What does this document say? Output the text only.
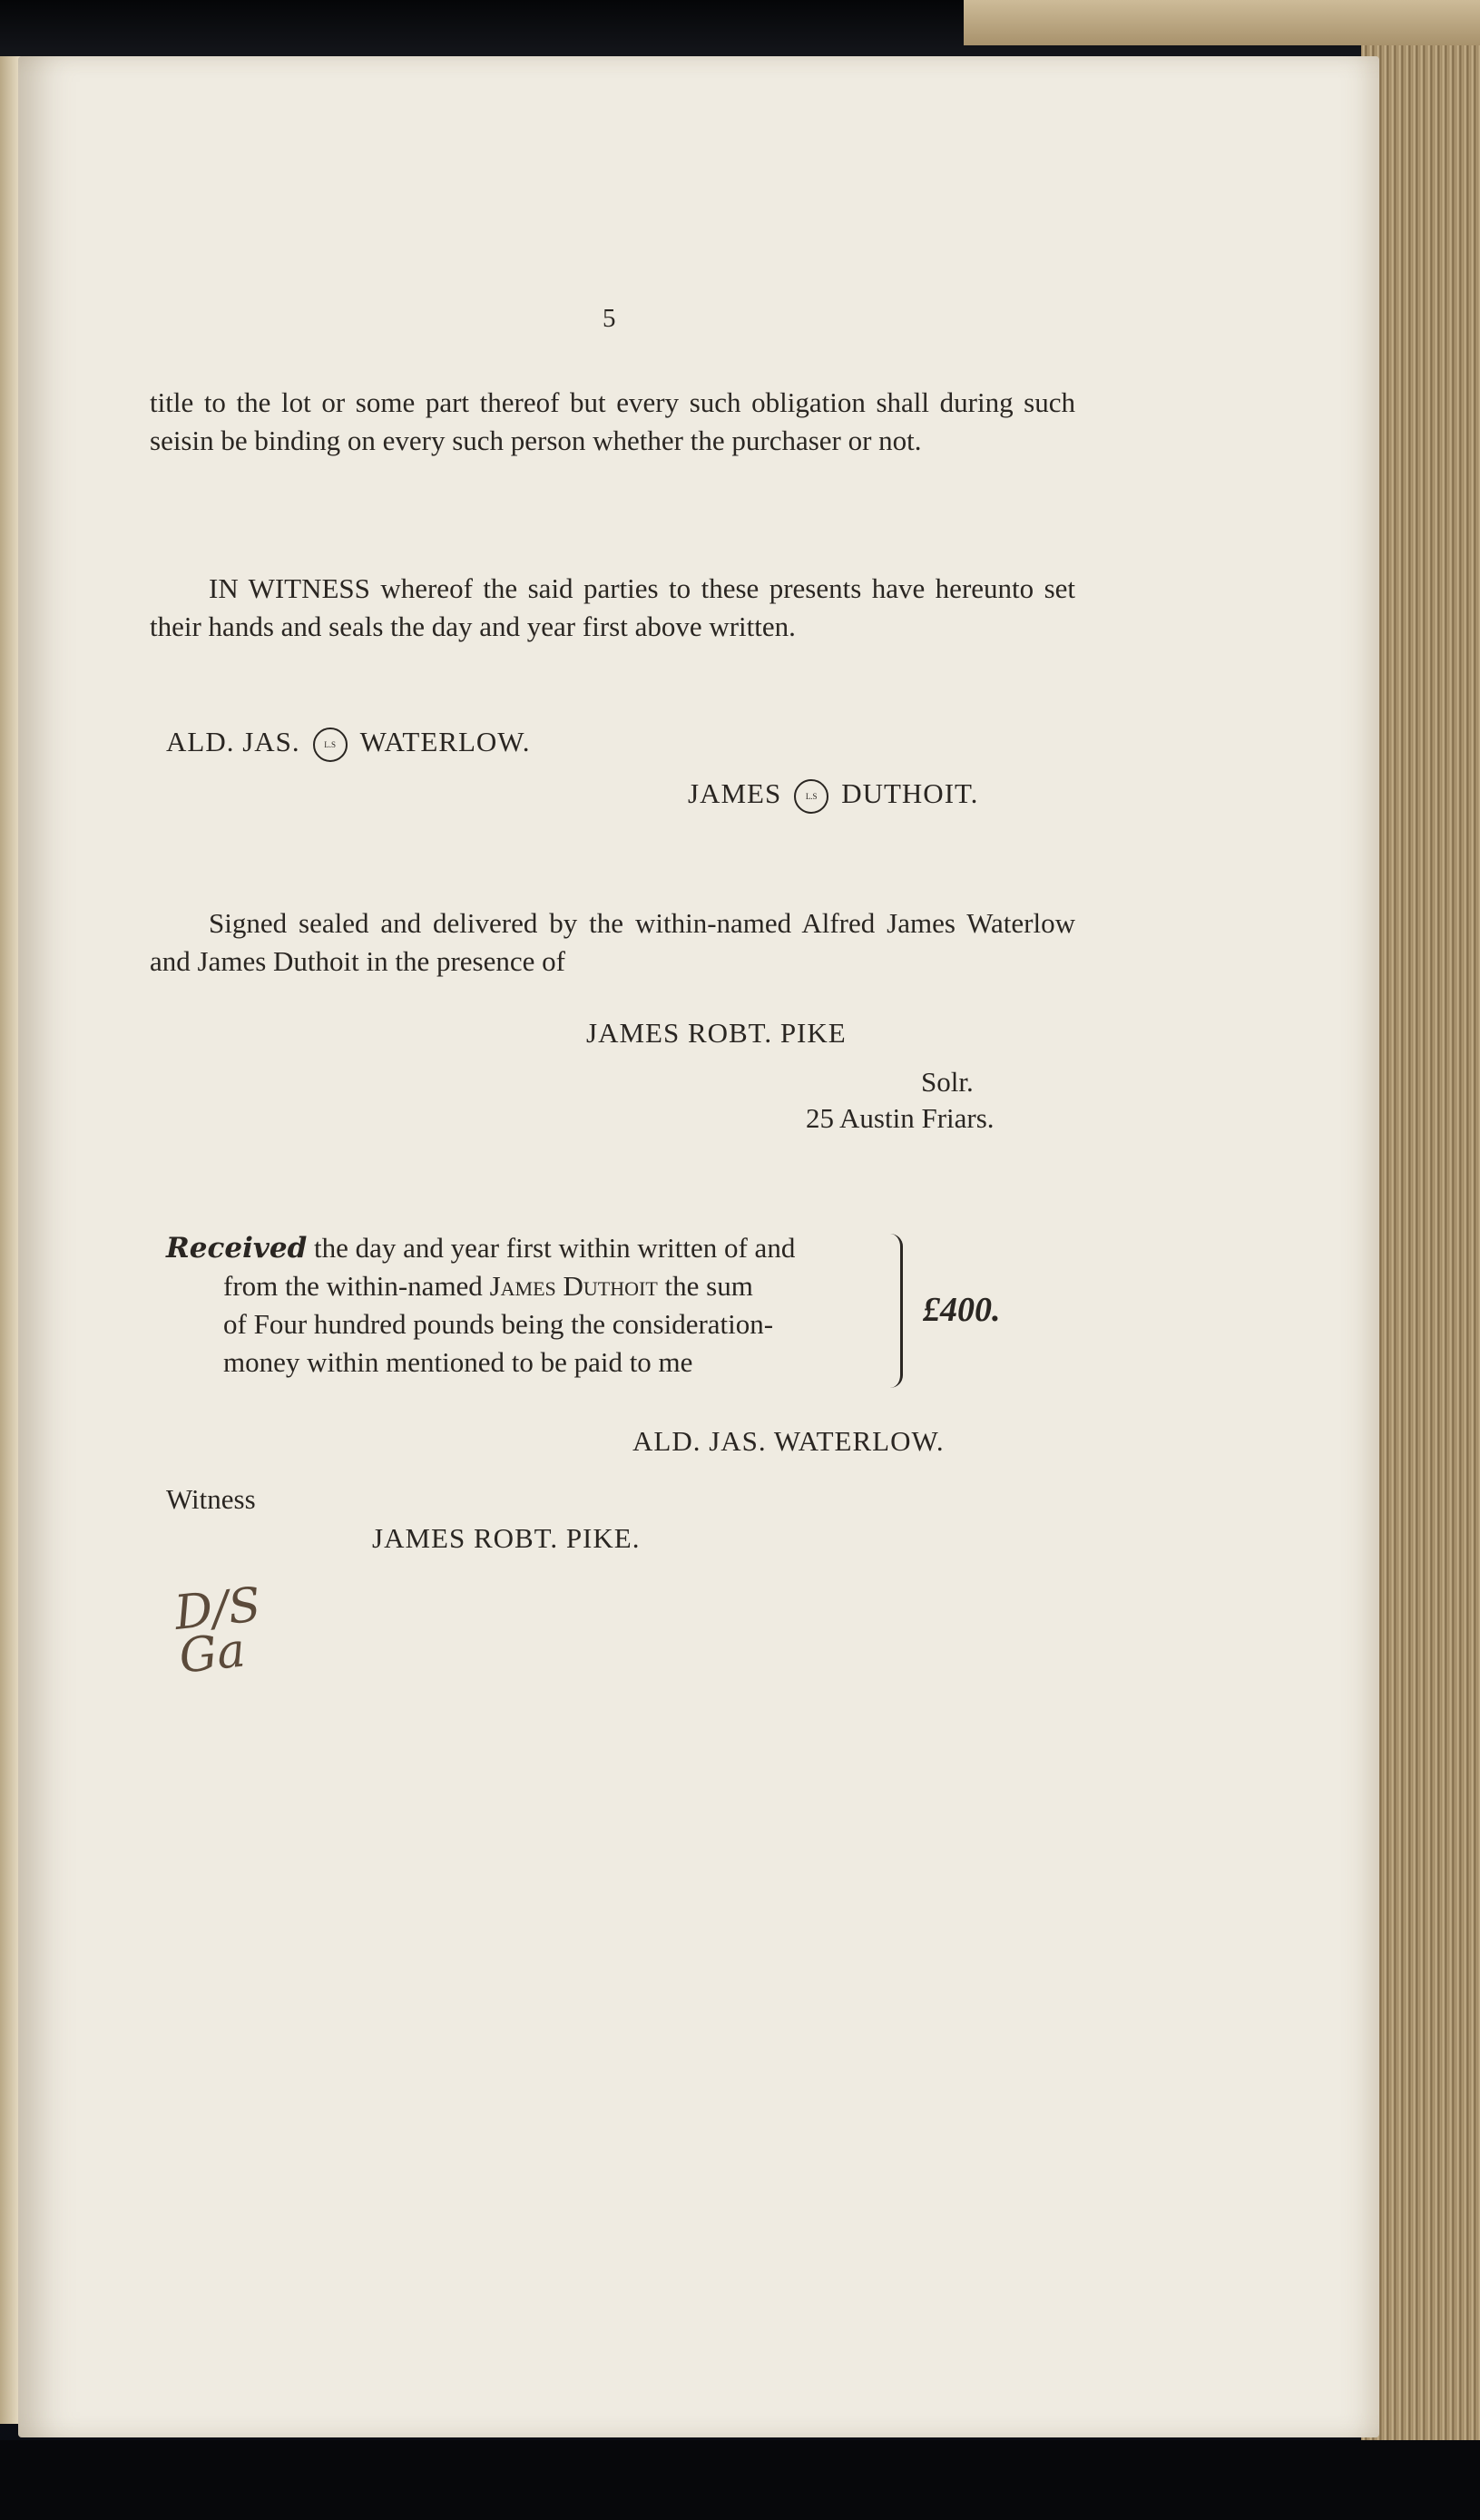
5
title to the lot or some part thereof but every such obligation shall during such seisin be binding on every such person whether the purchaser or not.
IN WITNESS whereof the said parties to these presents have hereunto set their hands and seals the day and year first above written.
ALD. JAS.	L.S WATERLOW.
JAMES	L.S DUTHOIT.
Signed sealed and delivered by the within-named Alfred James Waterlow and James Duthoit in the presence of
JAMES ROBT. PIKE
Solr.
25 Austin Friars.
Received the day and year first within written of and
from the within-named James Duthoit the sum
of Four hundred pounds being the consideration-
money within mentioned to be paid to me
£400.
ALD. JAS. WATERLOW.
Witness
JAMES ROBT. PIKE.
D/S
Ga
